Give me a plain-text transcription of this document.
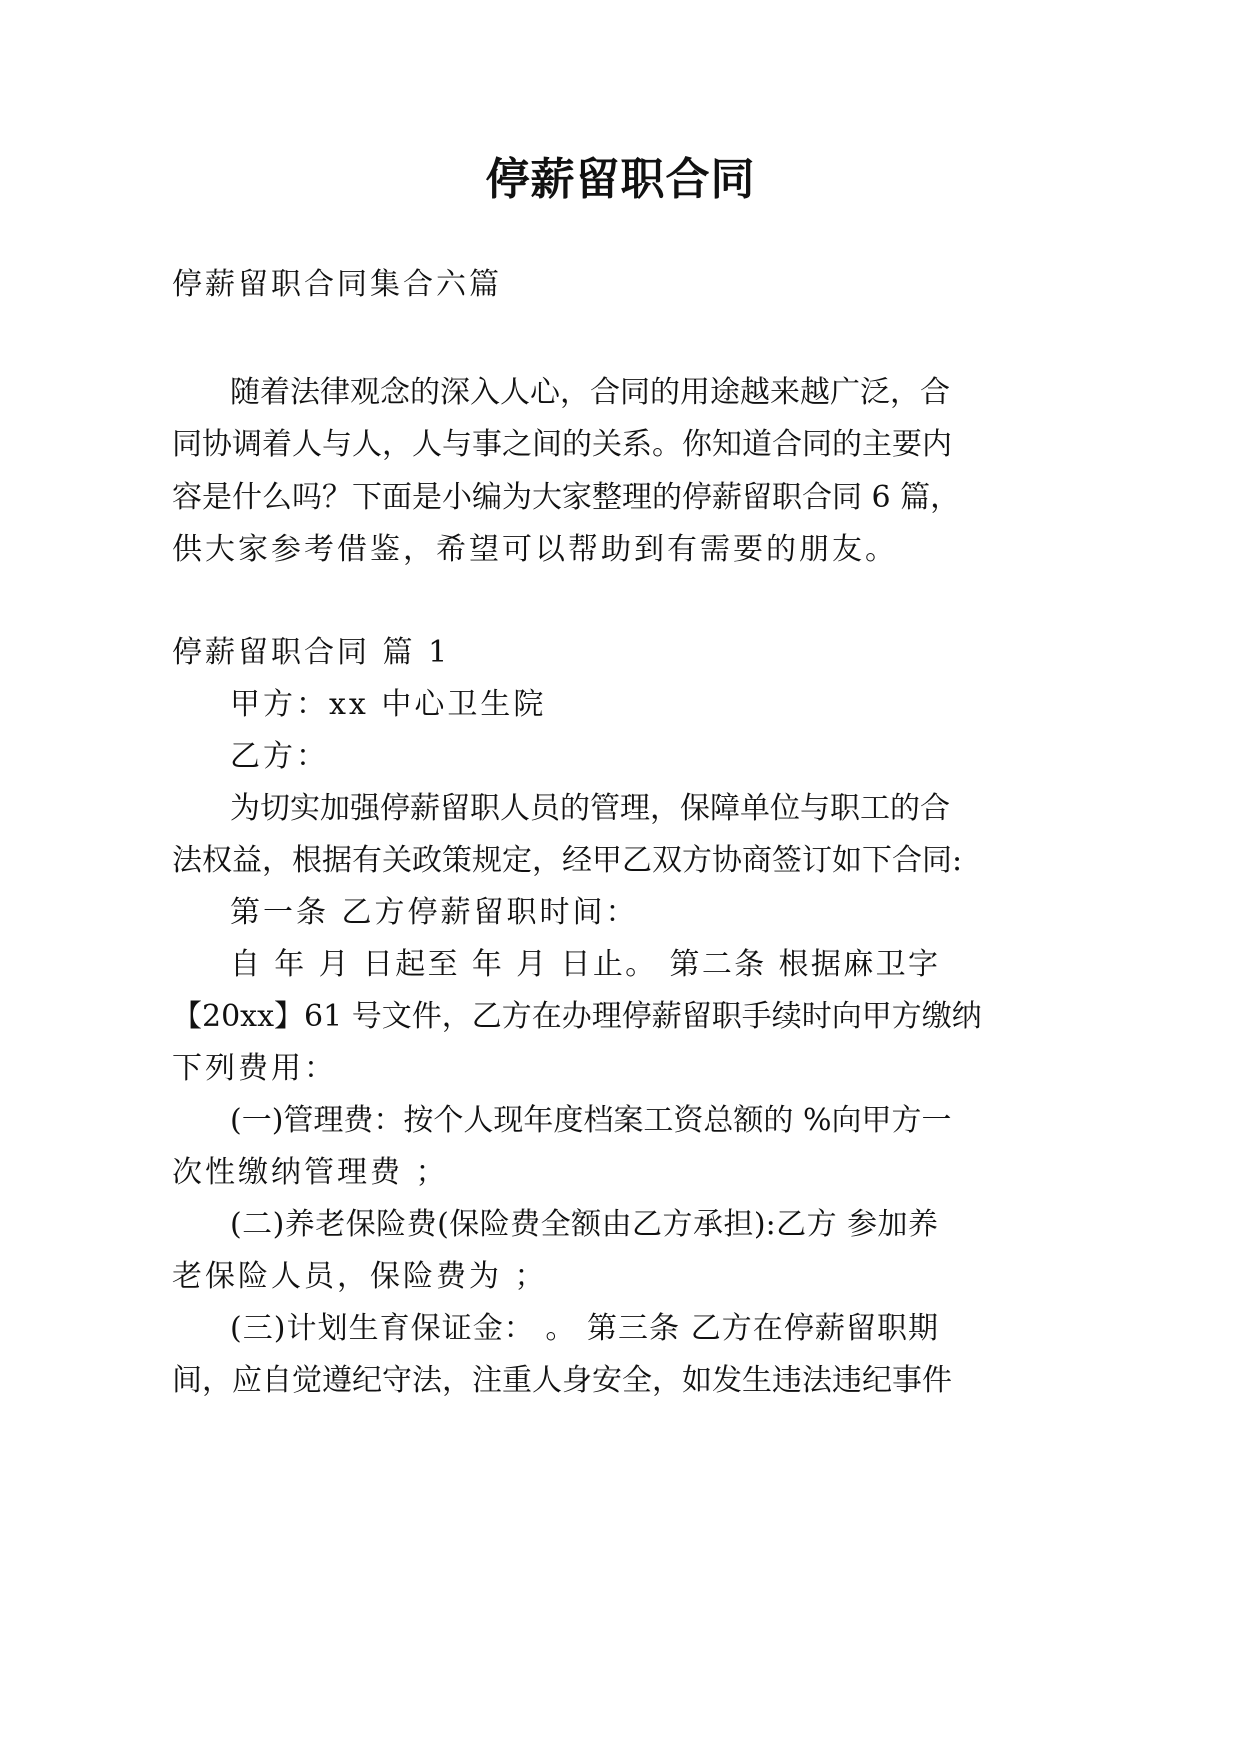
停薪留职合同
停薪留职合同集合六篇
随着法律观念的深入人心，合同的用途越来越广泛，合
同协调着人与人，人与事之间的关系。你知道合同的主要内
容是什么吗？下面是小编为大家整理的停薪留职合同 6 篇，
供大家参考借鉴，希望可以帮助到有需要的朋友。
停薪留职合同 篇 1
甲方：xx 中心卫生院
乙方：
为切实加强停薪留职人员的管理，保障单位与职工的合
法权益，根据有关政策规定，经甲乙双方协商签订如下合同:
第一条 乙方停薪留职时间：
自 年 月 日起至 年 月 日止。 第二条 根据麻卫字
【20xx】61 号文件，乙方在办理停薪留职手续时向甲方缴纳
下列费用：
(一)管理费：按个人现年度档案工资总额的 %向甲方一
次性缴纳管理费 ；
(二)养老保险费(保险费全额由乙方承担):乙方 参加养
老保险人员，保险费为 ；
(三)计划生育保证金： 。 第三条 乙方在停薪留职期
间，应自觉遵纪守法，注重人身安全，如发生违法违纪事件
